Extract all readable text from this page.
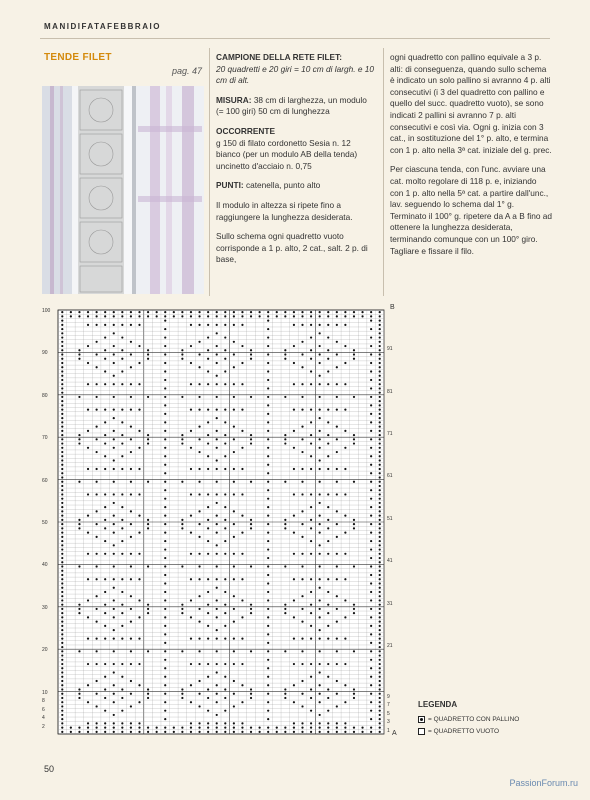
MANIDIFATAFEBBRAIO
TENDE FILET
pag. 47

CAMPIONE DELLA RETE FILET:
20 quadretti e 20 giri = 10 cm di largh. e 10 cm di alt.

MISURA: 38 cm di larghezza, un modulo (= 100 giri) 50 cm di lunghezza

OCCORRENTE
g 150 di filato cordonetto Sesia n. 12 bianco (per un modulo AB della tenda) uncinetto d'acciaio n. 0,75

PUNTI: catenella, punto alto

Il modulo in altezza si ripete fino a raggiungere la lunghezza desiderata.

Sullo schema ogni quadretto vuoto corrisponde a 1 p. alto, 2 cat., salt. 2 p. di base,

ogni quadretto con pallino equivale a 3 p. alti: di conseguenza, quando sullo schema è indicato un solo pallino si avranno 4 p. alti consecutivi (i 3 del quadretto con pallino e quello del succ. quadretto vuoto), se sono indicati 2 pallini si avranno 7 p. alti consecutivi e così via. Ogni g. inizia con 3 cat., in sostituzione del 1° p. alto, e termina con 1 p. alto nella 3ª cat. iniziale del g. prec.

Per ciascuna tenda, con l'unc. avviare una cat. molto regolare di 118 p. e, iniziando con 1 p. alto nella 5ª cat. a partire dall'unc., lav. seguendo lo schema dal 1° g. Terminato il 100° g. ripetere da A a B fino ad ottenere la lunghezza desiderata, terminando comunque con un 100° giro. Tagliare e fissare il filo.

100
90
80
70
60
50
40
30
20
10
8
6
4
2
91
81
71
61
51
41
31
21
9
7
5
3
1
B
A
LEGENDA
= QUADRETTO CON PALLINO
= QUADRETTO VUOTO
50
PassionForum.ru
